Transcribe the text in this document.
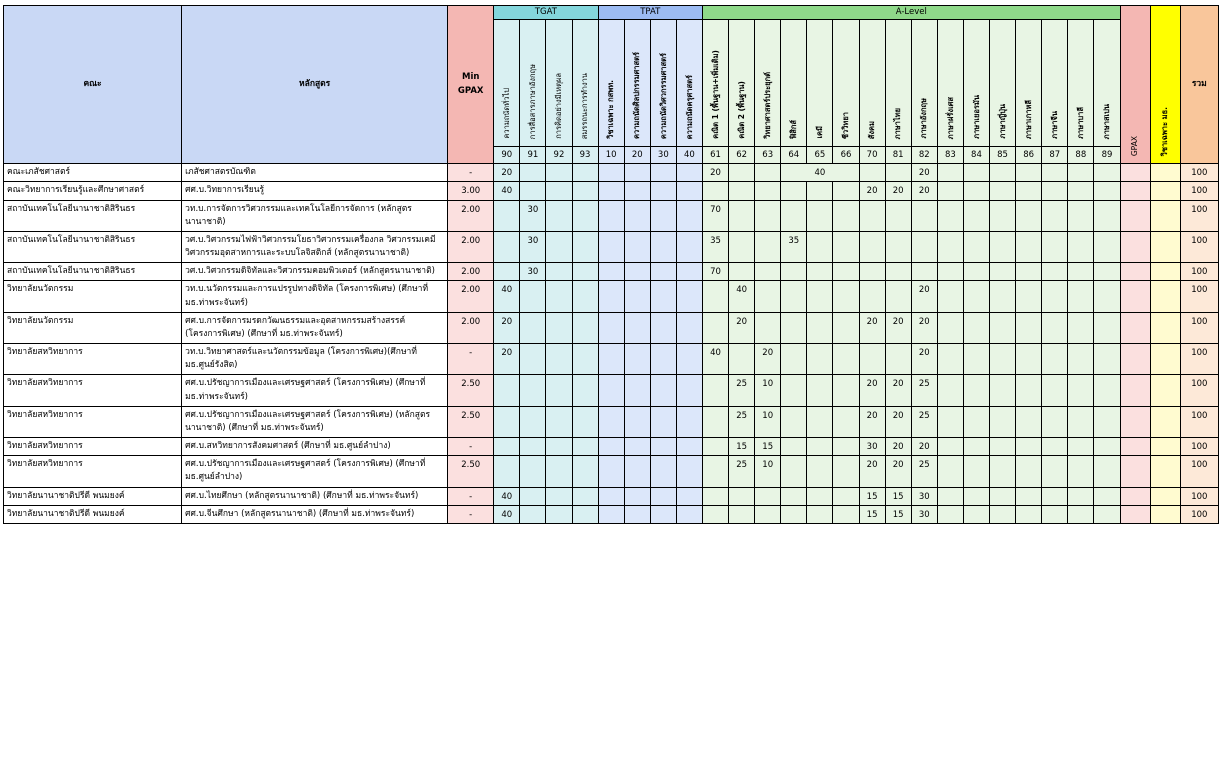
คณะ	หลักสูตร	Min GPAX	TGAT				TPAT				A-Level																GPAX	วิชาเฉพาะ มธ.	รวม
			ความถนัดทั่วไป	การสื่อสารภาษาอังกฤษ	การคิดอย่างมีเหตุผล	สมรรถนะการทำงาน	วิชาเฉพาะ กสพท.	ความถนัดศิลปกรรมศาสตร์	ความถนัดวิศวกรรมศาสตร์	ความถนัดครุศาสตร์	คณิต 1 (พื้นฐาน+เพิ่มเติม)	คณิต 2 (พื้นฐาน)	วิทยาศาสตร์ประยุกต์	ฟิสิกส์	เคมี	ชีววิทยา	สังคม	ภาษาไทย	ภาษาอังกฤษ	ภาษาฝรั่งเศส	ภาษาเยอรมัน	ภาษาญี่ปุ่น	ภาษาเกาหลี	ภาษาจีน	ภาษาบาลี	ภาษาสเปน			
			90	91	92	93	10	20	30	40	61	62	63	64	65	66	70	81	82	83	84	85	86	87	88	89			
คณะเภสัชศาสตร์	เภสัชศาสตรบัณฑิต	-	20								20			40					20										100
คณะวิทยาการเรียนรู้และศึกษาศาสตร์	ศศ.บ.วิทยาการเรียนรู้	3.00	40														20	20	20										100
สถาบันเทคโนโลยีนานาชาติสิรินธร	วท.บ.การจัดการวิศวกรรมและเทคโนโลยีการจัดการ (หลักสูตรนานาชาติ)	2.00		30							70																		100
สถาบันเทคโนโลยีนานาชาติสิรินธร	วศ.บ.วิศวกรรมไฟฟ้าวิศวกรรมโยธาวิศวกรรมเครื่องกล วิศวกรรมเคมีวิศวกรรมอุตสาหการและระบบโลจิสติกส์ (หลักสูตรนานาชาติ)	2.00		30							35			35															100
สถาบันเทคโนโลยีนานาชาติสิรินธร	วศ.บ.วิศวกรรมดิจิทัลและวิศวกรรมคอมพิวเตอร์ (หลักสูตรนานาชาติ)	2.00		30							70																		100
วิทยาลัยนวัตกรรม	วท.บ.นวัตกรรมและการแปรรูปทางดิจิทัล (โครงการพิเศษ) (ศึกษาที่ มธ.ท่าพระจันทร์)	2.00	40									40							20										100
วิทยาลัยนวัตกรรม	ศศ.บ.การจัดการมรดกวัฒนธรรมและอุตสาหกรรมสร้างสรรค์ (โครงการพิเศษ) (ศึกษาที่ มธ.ท่าพระจันทร์)	2.00	20									20					20	20	20										100
วิทยาลัยสหวิทยาการ	วท.บ.วิทยาศาสตร์และนวัตกรรมข้อมูล (โครงการพิเศษ)(ศึกษาที่ มธ.ศูนย์รังสิต)	-	20								40		20						20										100
วิทยาลัยสหวิทยาการ	ศศ.บ.ปรัชญาการเมืองและเศรษฐศาสตร์ (โครงการพิเศษ) (ศึกษาที่ มธ.ท่าพระจันทร์)	2.50										25	10				20	20	25										100
วิทยาลัยสหวิทยาการ	ศศ.บ.ปรัชญาการเมืองและเศรษฐศาสตร์ (โครงการพิเศษ) (หลักสูตรนานาชาติ) (ศึกษาที่ มธ.ท่าพระจันทร์)	2.50										25	10				20	20	25										100
วิทยาลัยสหวิทยาการ	ศศ.บ.สหวิทยาการสังคมศาสตร์ (ศึกษาที่ มธ.ศูนย์ลำปาง)	-										15	15				30	20	20										100
วิทยาลัยสหวิทยาการ	ศศ.บ.ปรัชญาการเมืองและเศรษฐศาสตร์ (โครงการพิเศษ) (ศึกษาที่ มธ.ศูนย์ลำปาง)	2.50										25	10				20	20	25										100
วิทยาลัยนานาชาติปรีดี พนมยงค์	ศศ.บ.ไทยศึกษา (หลักสูตรนานาชาติ) (ศึกษาที่ มธ.ท่าพระจันทร์)	-	40														15	15	30										100
วิทยาลัยนานาชาติปรีดี พนมยงค์	ศศ.บ.จีนศึกษา (หลักสูตรนานาชาติ) (ศึกษาที่ มธ.ท่าพระจันทร์)	-	40														15	15	30										100
